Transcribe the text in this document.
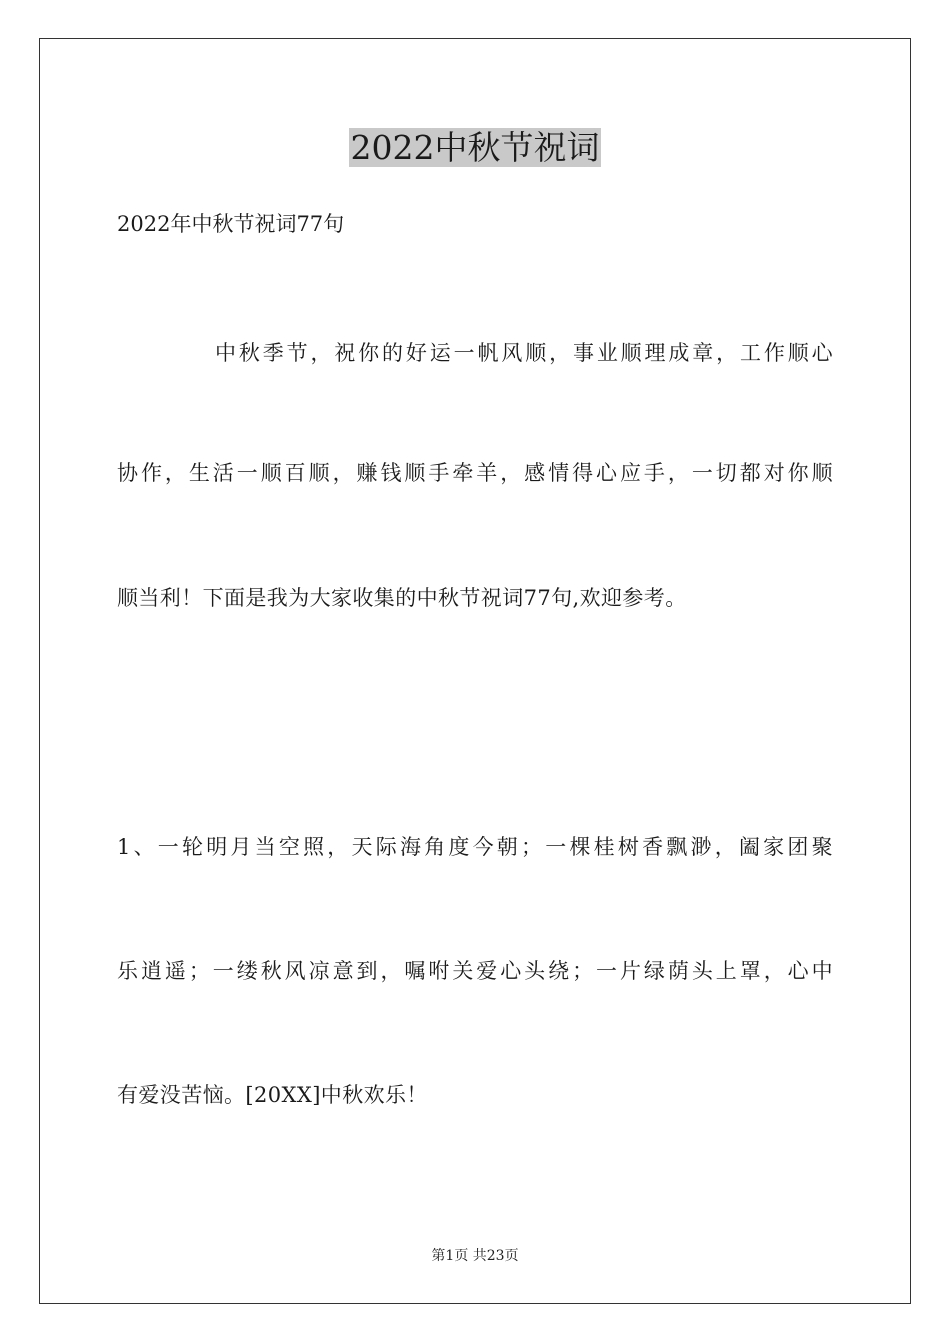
2022中秋节祝词
2022年中秋节祝词77句
中秋季节，祝你的好运一帆风顺，事业顺理成章，工作顺心
协作，生活一顺百顺，赚钱顺手牵羊，感情得心应手，一切都对你顺
顺当利！下面是我为大家收集的中秋节祝词77句,欢迎参考。
1、一轮明月当空照，天际海角度今朝；一棵桂树香飘渺，阖家团聚
乐逍遥；一缕秋风凉意到，嘱咐关爱心头绕；一片绿荫头上罩，心中
有爱没苦恼。[20XX]中秋欢乐！
第1页 共23页
